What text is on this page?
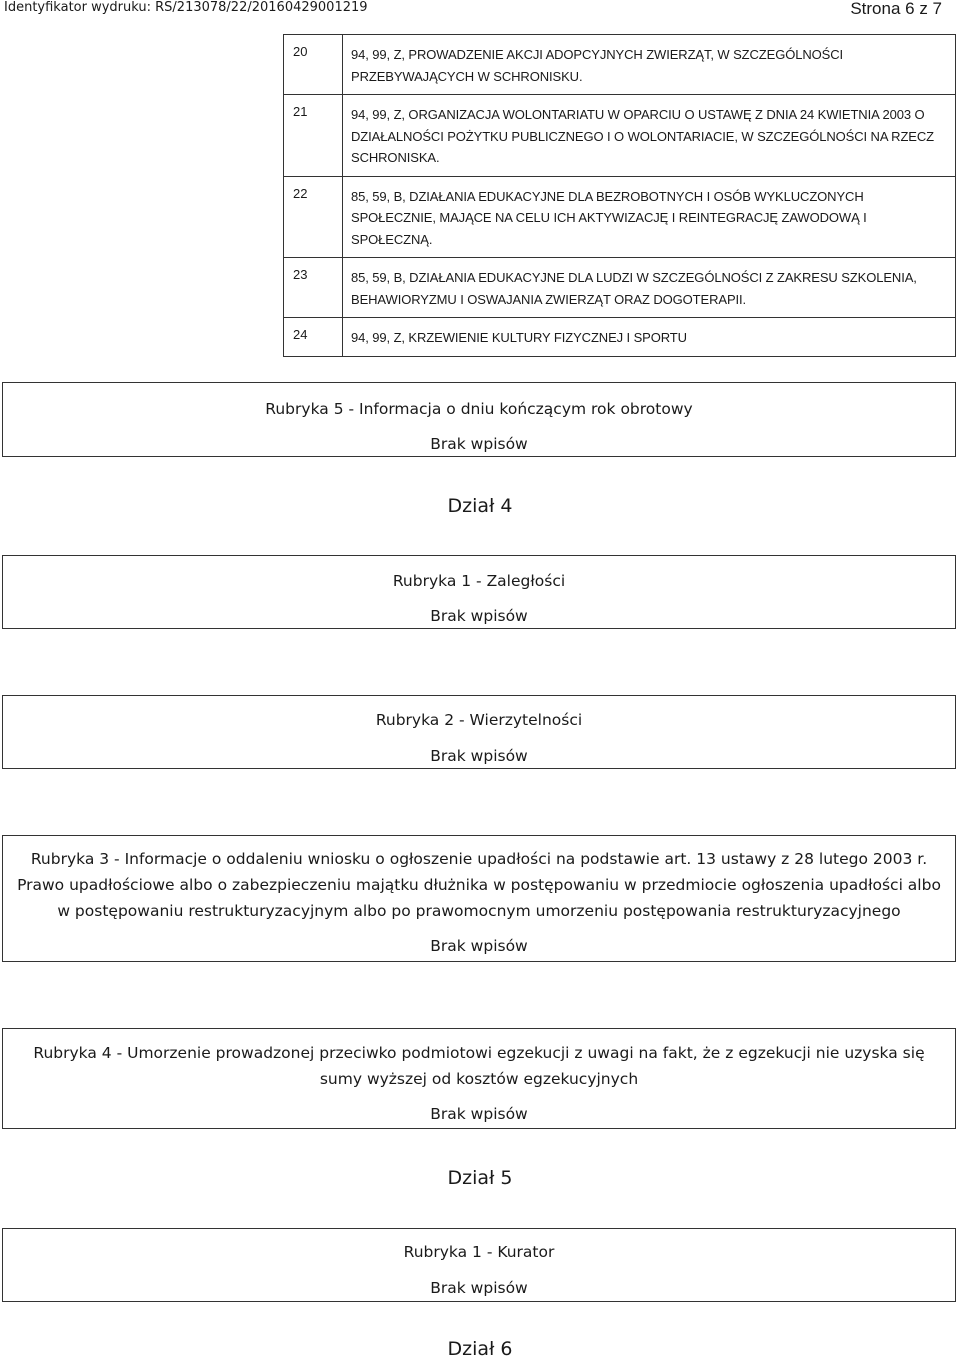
Identyfikator wydruku: RS/213078/22/20160429001219	Strona 6 z 7
20	94, 99, Z, PROWADZENIE AKCJI ADOPCYJNYCH ZWIERZĄT, W SZCZEGÓLNOŚCI PRZEBYWAJĄCYCH W SCHRONISKU.
21	94, 99, Z, ORGANIZACJA WOLONTARIATU W OPARCIU O USTAWĘ Z DNIA 24 KWIETNIA 2003 O DZIAŁALNOŚCI POŻYTKU PUBLICZNEGO I O WOLONTARIACIE, W SZCZEGÓLNOŚCI NA RZECZ SCHRONISKA.
22	85, 59, B, DZIAŁANIA EDUKACYJNE DLA BEZROBOTNYCH I OSÓB WYKLUCZONYCH SPOŁECZNIE, MAJĄCE NA CELU ICH AKTYWIZACJĘ I REINTEGRACJĘ ZAWODOWĄ I SPOŁECZNĄ.
23	85, 59, B, DZIAŁANIA EDUKACYJNE DLA LUDZI W SZCZEGÓLNOŚCI Z ZAKRESU SZKOLENIA, BEHAWIORYZMU I OSWAJANIA ZWIERZĄT ORAZ DOGOTERAPII.
24	94, 99, Z, KRZEWIENIE KULTURY FIZYCZNEJ I SPORTU
Rubryka 5 - Informacja o dniu kończącym rok obrotowy
Brak wpisów
Dział 4
Rubryka 1 - Zaległości
Brak wpisów
Rubryka 2 - Wierzytelności
Brak wpisów
Rubryka 3 - Informacje o oddaleniu wniosku o ogłoszenie upadłości na podstawie art. 13 ustawy z 28 lutego 2003 r.
Prawo upadłościowe albo o zabezpieczeniu majątku dłużnika w postępowaniu w przedmiocie ogłoszenia upadłości albo
w postępowaniu restrukturyzacyjnym albo po prawomocnym umorzeniu postępowania restrukturyzacyjnego
Brak wpisów
Rubryka 4 - Umorzenie prowadzonej przeciwko podmiotowi egzekucji z uwagi na fakt, że z egzekucji nie uzyska się
sumy wyższej od kosztów egzekucyjnych
Brak wpisów
Dział 5
Rubryka 1 - Kurator
Brak wpisów
Dział 6
